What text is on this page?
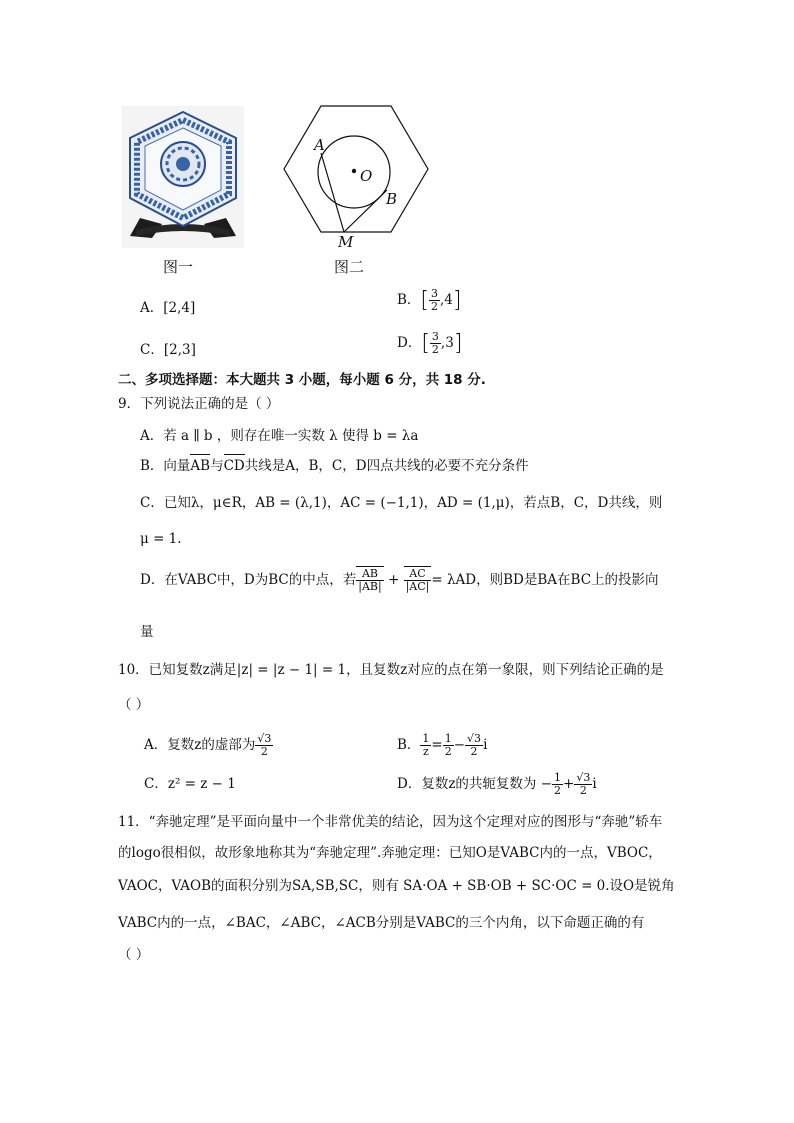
A
O
B
M
图一	图二
A．[2,4]	B．[ $\frac{3}{2} ,4$]
C．[2,3]	D．[ $\frac{3}{2} ,3$]
二、多项选择题：本大题共 3 小题，每小题 6 分，共 18 分.
9．下列说法正确的是（ ）
A．若 a ∥ b ，则存在唯一实数 λ 使得 b = λa
B．向量AB与CD共线是A，B，C，D四点共线的必要不充分条件
C．已知λ，μ∈R，AB = (λ,1)，AC = (−1,1)，AD = (1,μ)，若点B，C，D共线，则
μ = 1.
D．在VABC中，D为BC的中点，若 $\frac{AB}{|AB|} + \frac{AC}{|AC|} = \lambda AD$，则BD是BA在BC上的投影向
量
10．已知复数z满足|z| = |z − 1| = 1，且复数z对应的点在第一象限，则下列结论正确的是
（ ）
A．复数z的虚部为 $\frac{√3}{2}$	B． $\frac{1}{z} = \frac{1}{2} - \frac{√3}{2}$ i
C．z² = z − 1	D．复数z的共轭复数为 − $\frac{1}{2} + \frac{√3}{2}$ i
11．“奔驰定理”是平面向量中一个非常优美的结论，因为这个定理对应的图形与“奔驰”轿车
的logo很相似，故形象地称其为“奔驰定理”.奔驰定理：已知O是VABC内的一点，VBOC，
VAOC，VAOB的面积分别为SA,SB,SC，则有 SA·OA + SB·OB + SC·OC = 0.设O是锐角
VABC内的一点，∠BAC，∠ABC，∠ACB分别是VABC的三个内角，以下命题正确的有
（ ）
